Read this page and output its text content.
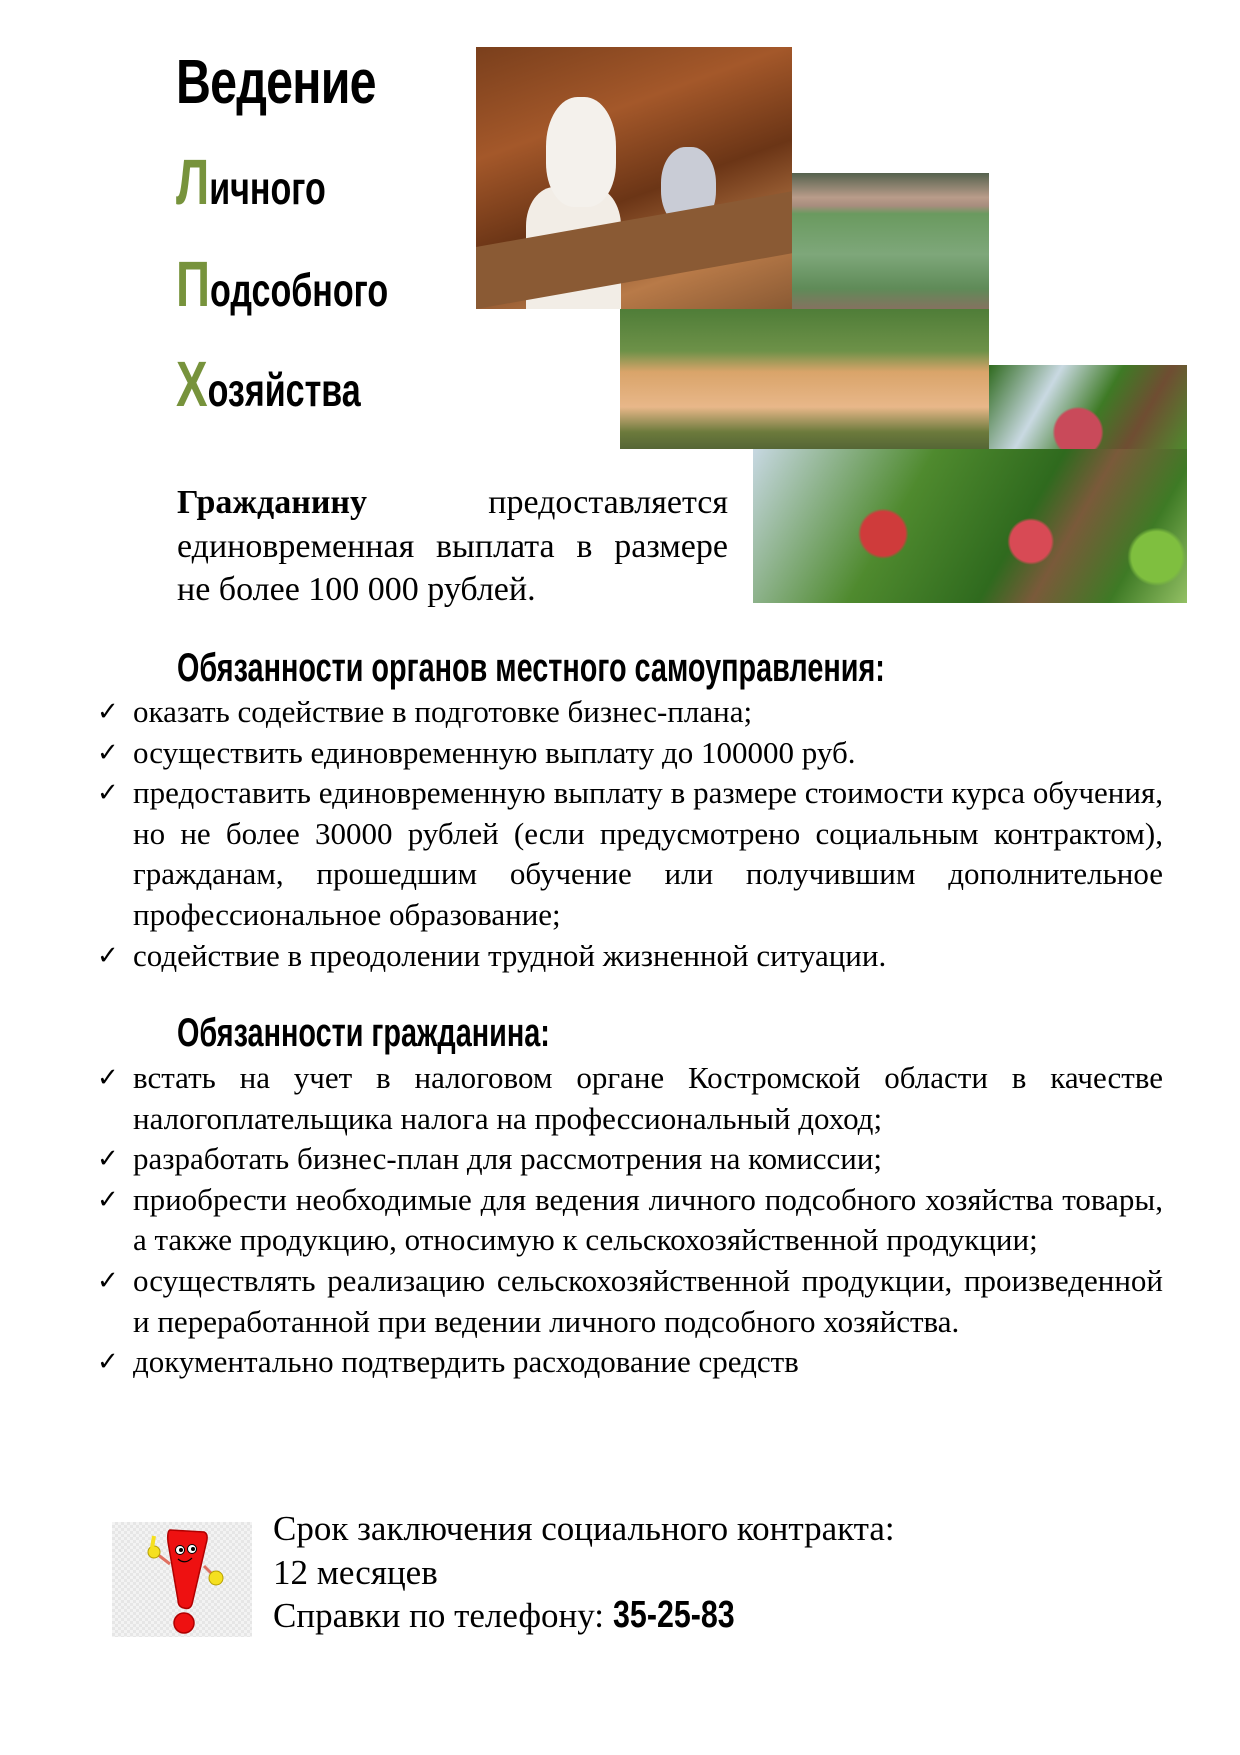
Ведение
Личного
Подсобного
Хозяйства
Гражданину предоставляется единовременная выплата в размере не более 100 000 рублей.
Обязанности органов местного самоуправления:
✓ оказать содействие в подготовке бизнес-плана;
✓ осуществить единовременную выплату до 100000 руб.
✓ предоставить единовременную выплату в размере стоимости курса обучения, но не более 30000 рублей (если предусмотрено социальным контрактом), гражданам, прошедшим обучение или получившим дополнительное профессиональное образование;
✓ содействие в преодолении трудной жизненной ситуации.
Обязанности гражданина:
✓ встать на учет в налоговом органе Костромской области в качестве налогоплательщика налога на профессиональный доход;
✓ разработать бизнес-план для рассмотрения на комиссии;
✓ приобрести необходимые для ведения личного подсобного хозяйства товары, а также продукцию, относимую к сельскохозяйственной продукции;
✓ осуществлять реализацию сельскохозяйственной продукции, произведенной и переработанной при ведении личного подсобного хозяйства.
✓ документально подтвердить расходование средств
Срок заключения социального контракта:
12 месяцев
Справки по телефону: 35-25-83
